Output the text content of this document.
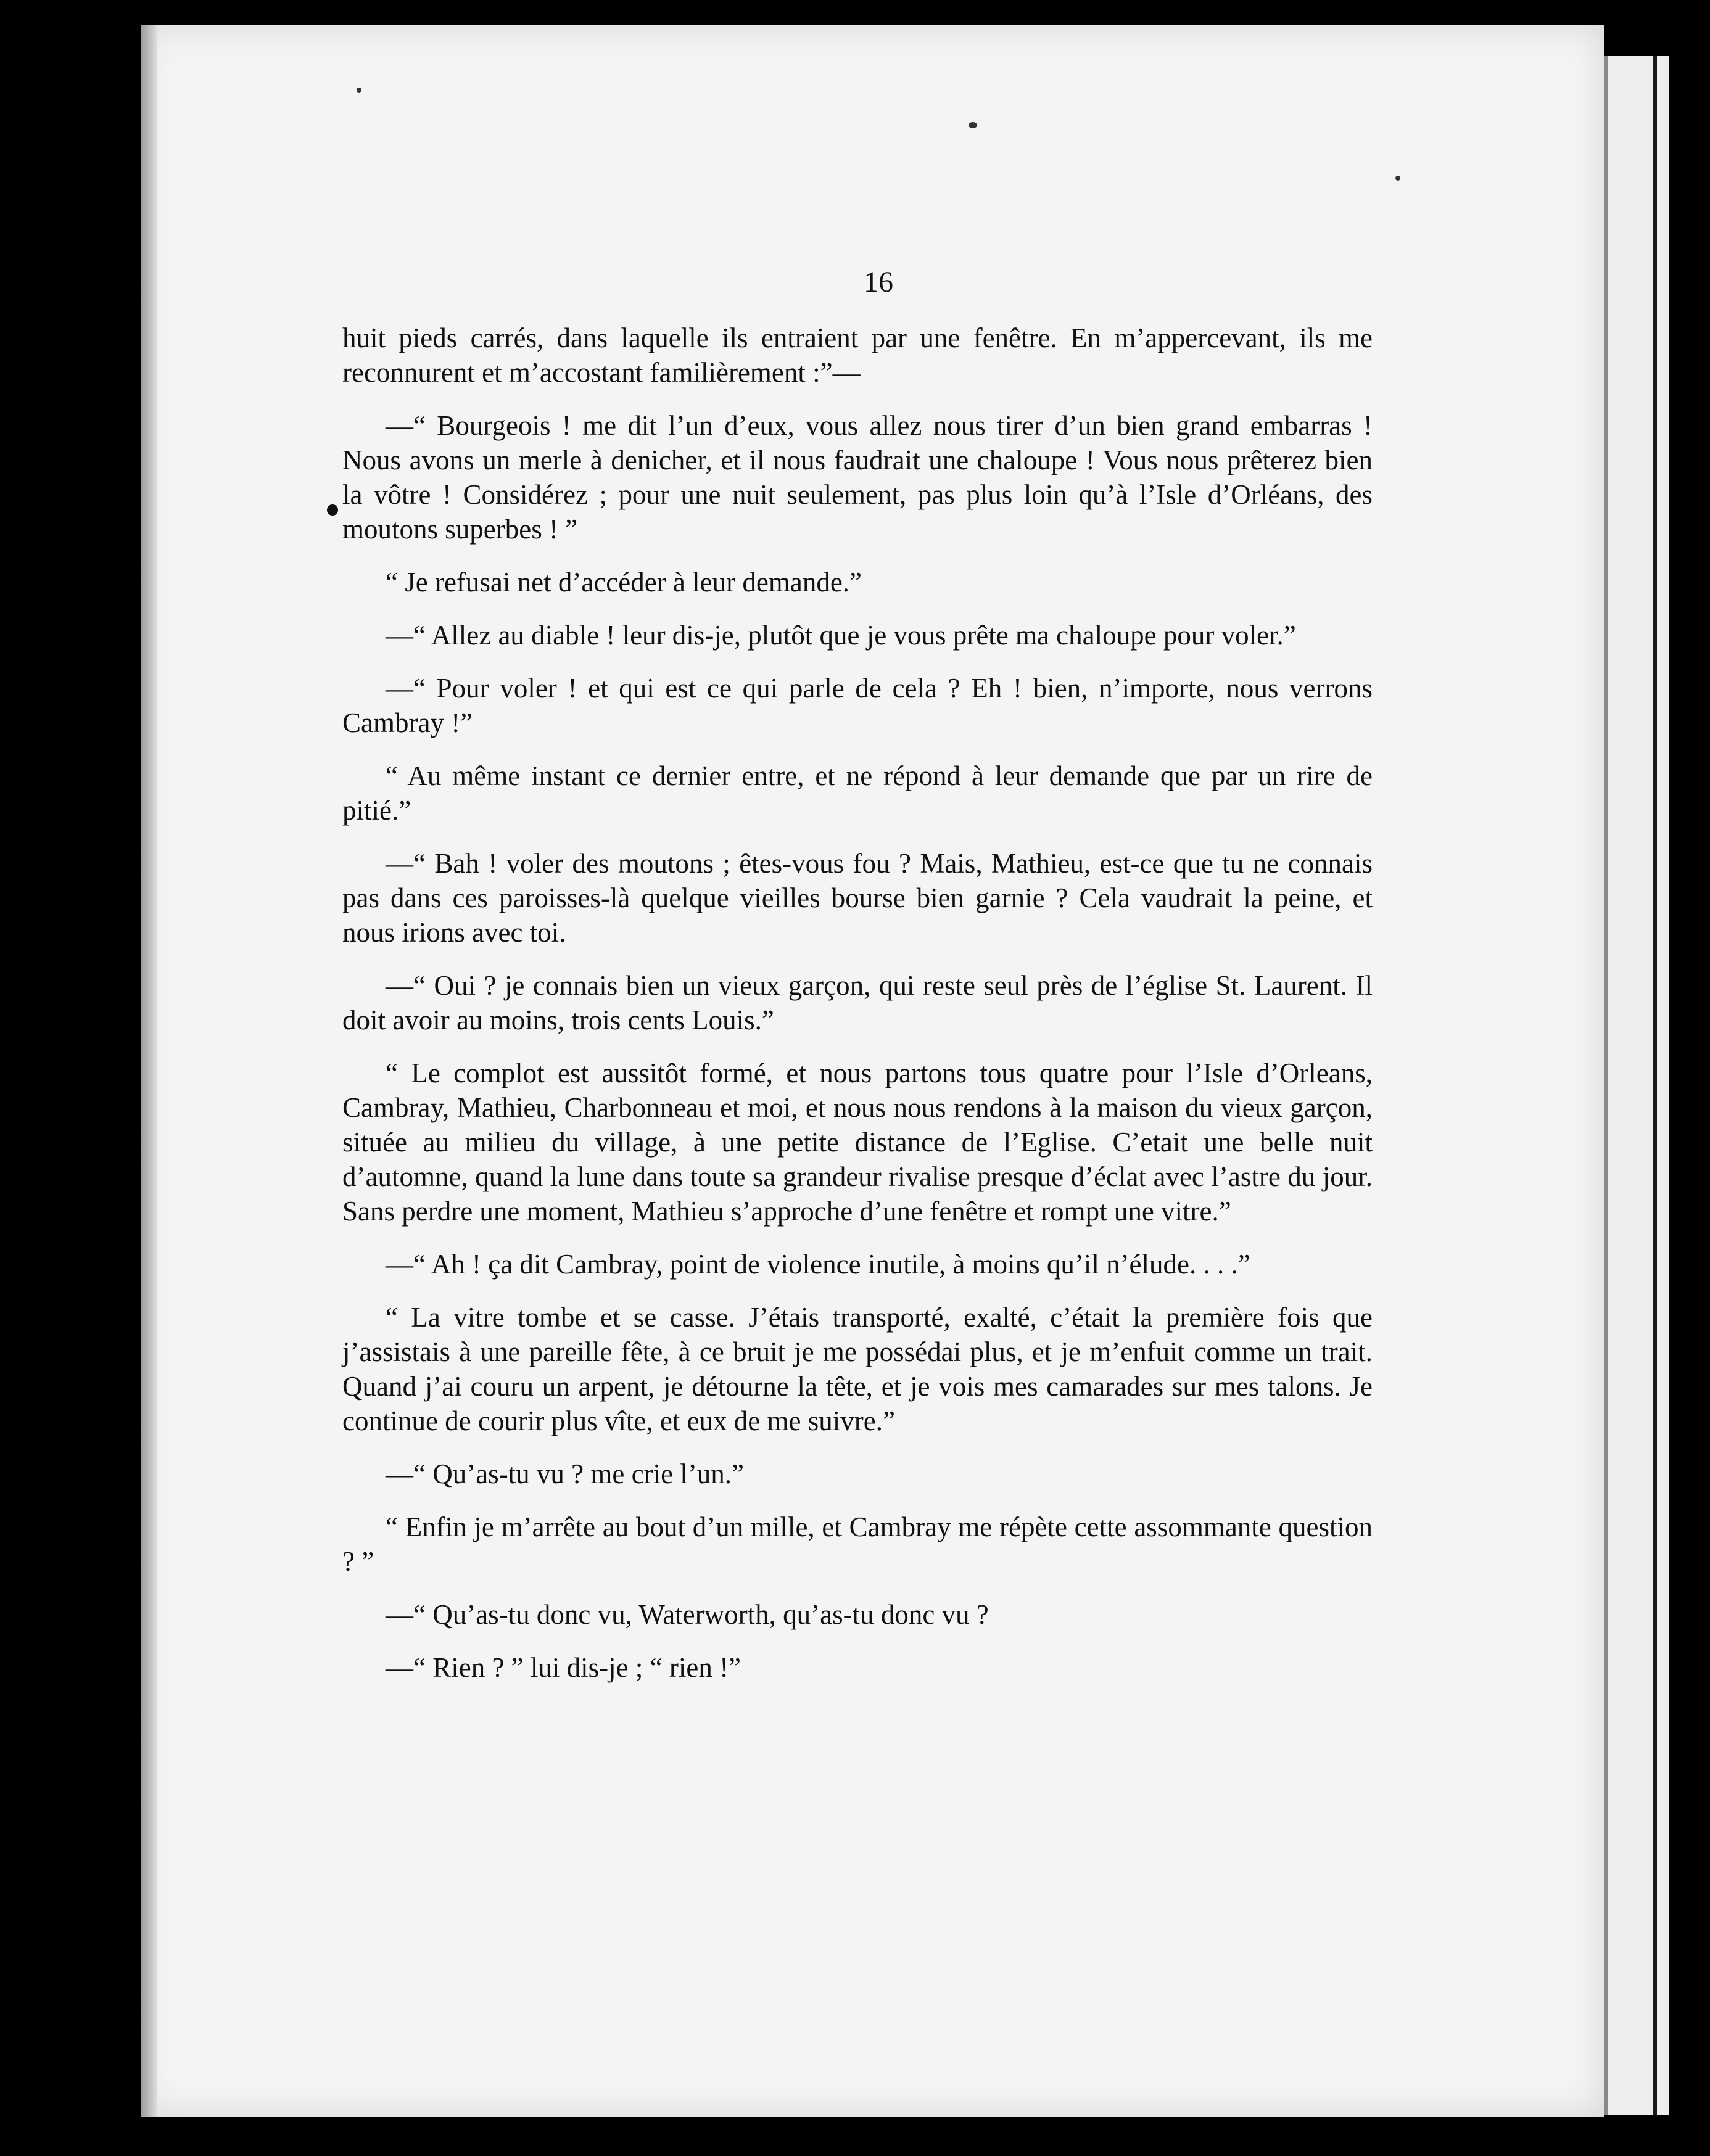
16

huit pieds carrés, dans laquelle ils entraient par une fenêtre. En m’appercevant, ils me reconnurent et m’accostant familièrement :”—

—“ Bourgeois ! me dit l’un d’eux, vous allez nous tirer d’un bien grand embarras ! Nous avons un merle à denicher, et il nous faudrait une chaloupe ! Vous nous prêterez bien la vôtre ! Considérez ; pour une nuit seulement, pas plus loin qu’à l’Isle d’Orléans, des moutons superbes ! ”

“ Je refusai net d’accéder à leur demande.”

—“ Allez au diable ! leur dis-je, plutôt que je vous prête ma chaloupe pour voler.”

—“ Pour voler ! et qui est ce qui parle de cela ? Eh ! bien, n’importe, nous verrons Cambray !”

“ Au même instant ce dernier entre, et ne répond à leur demande que par un rire de pitié.”

—“ Bah ! voler des moutons ; êtes-vous fou ? Mais, Mathieu, est-ce que tu ne connais pas dans ces paroisses-là quelque vieilles bourse bien garnie ? Cela vaudrait la peine, et nous irions avec toi.

—“ Oui ? je connais bien un vieux garçon, qui reste seul près de l’église St. Laurent. Il doit avoir au moins, trois cents Louis.”

“ Le complot est aussitôt formé, et nous partons tous quatre pour l’Isle d’Orleans, Cambray, Mathieu, Charbonneau et moi, et nous nous rendons à la maison du vieux garçon, située au milieu du village, à une petite distance de l’Eglise. C’etait une belle nuit d’automne, quand la lune dans toute sa grandeur rivalise presque d’éclat avec l’astre du jour. Sans perdre une moment, Mathieu s’approche d’une fenêtre et rompt une vitre.”

—“ Ah ! ça dit Cambray, point de violence inutile, à moins qu’il n’élude. . . .”

“ La vitre tombe et se casse. J’étais transporté, exalté, c’était la première fois que j’assistais à une pareille fête, à ce bruit je me possédai plus, et je m’enfuit comme un trait. Quand j’ai couru un arpent, je détourne la tête, et je vois mes camarades sur mes talons. Je continue de courir plus vîte, et eux de me suivre.”

—“ Qu’as-tu vu ? me crie l’un.”

“ Enfin je m’arrête au bout d’un mille, et Cambray me répète cette assommante question ? ”

—“ Qu’as-tu donc vu, Waterworth, qu’as-tu donc vu ?

—“ Rien ? ” lui dis-je ; “ rien !”
